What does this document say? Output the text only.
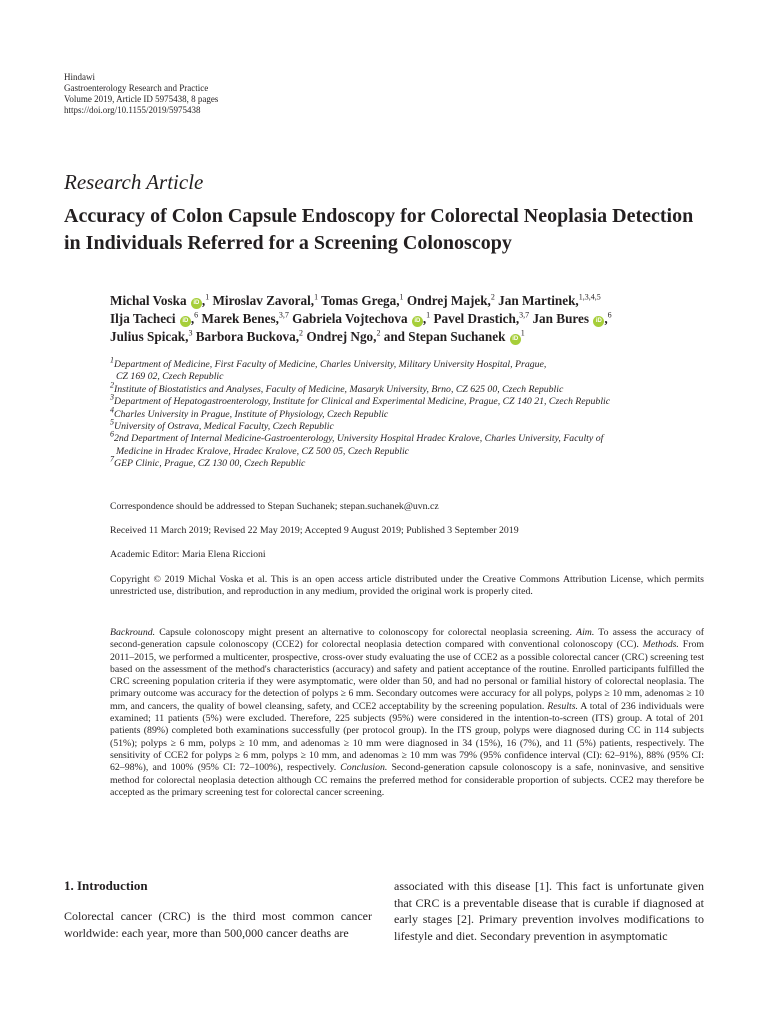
Hindawi
Gastroenterology Research and Practice
Volume 2019, Article ID 5975438, 8 pages
https://doi.org/10.1155/2019/5975438
Research Article
Accuracy of Colon Capsule Endoscopy for Colorectal Neoplasia Detection in Individuals Referred for a Screening Colonoscopy
Michal Voska iD ,$^1$ Miroslav Zavoral,$^1$ Tomas Grega,$^1$ Ondrej Majek,$^2$ Jan Martinek,$^{1,3,4,5}$
Ilja Tacheci iD ,$^6$ Marek Benes,$^{3,7}$ Gabriela Vojtechova iD ,$^1$ Pavel Drastich,$^{3,7}$ Jan Bures iD ,$^6$
Julius Spicak,$^3$ Barbora Buckova,$^2$ Ondrej Ngo,$^2$ and Stepan Suchanek $iD^1$
$^1$Department of Medicine, First Faculty of Medicine, Charles University, Military University Hospital, Prague,
CZ 169 02, Czech Republic
$^2$Institute of Biostatistics and Analyses, Faculty of Medicine, Masaryk University, Brno, CZ 625 00, Czech Republic
$^3$Department of Hepatogastroenterology, Institute for Clinical and Experimental Medicine, Prague, CZ 140 21, Czech Republic
$^4$Charles University in Prague, Institute of Physiology, Czech Republic
$^5$University of Ostrava, Medical Faculty, Czech Republic
$^6$2nd Department of Internal Medicine-Gastroenterology, University Hospital Hradec Kralove, Charles University, Faculty of
Medicine in Hradec Kralove, Hradec Kralove, CZ 500 05, Czech Republic
$^7$GEP Clinic, Prague, CZ 130 00, Czech Republic
Correspondence should be addressed to Stepan Suchanek; stepan.suchanek@uvn.cz
Received 11 March 2019; Revised 22 May 2019; Accepted 9 August 2019; Published 3 September 2019
Academic Editor: Maria Elena Riccioni
Copyright © 2019 Michal Voska et al. This is an open access article distributed under the Creative Commons Attribution License, which permits unrestricted use, distribution, and reproduction in any medium, provided the original work is properly cited.
Backround. Capsule colonoscopy might present an alternative to colonoscopy for colorectal neoplasia screening. Aim. To assess the accuracy of second-generation capsule colonoscopy (CCE2) for colorectal neoplasia detection compared with conventional colonoscopy (CC). Methods. From 2011–2015, we performed a multicenter, prospective, cross-over study evaluating the use of CCE2 as a possible colorectal cancer (CRC) screening test based on the assessment of the method's characteristics (accuracy) and safety and patient acceptance of the routine. Enrolled participants fulfilled the CRC screening population criteria if they were asymptomatic, were older than 50, and had no personal or familial history of colorectal neoplasia. The primary outcome was accuracy for the detection of polyps ≥ 6 mm. Secondary outcomes were accuracy for all polyps, polyps ≥ 10 mm, adenomas ≥ 10 mm, and cancers, the quality of bowel cleansing, safety, and CCE2 acceptability by the screening population. Results. A total of 236 individuals were examined; 11 patients (5%) were excluded. Therefore, 225 subjects (95%) were considered in the intention-to-screen (ITS) group. A total of 201 patients (89%) completed both examinations successfully (per protocol group). In the ITS group, polyps were diagnosed during CC in 114 subjects (51%); polyps ≥ 6 mm, polyps ≥ 10 mm, and adenomas ≥ 10 mm were diagnosed in 34 (15%), 16 (7%), and 11 (5%) patients, respectively. The sensitivity of CCE2 for polyps ≥ 6 mm, polyps ≥ 10 mm, and adenomas ≥ 10 mm was 79% (95% confidence interval (CI): 62–91%), 88% (95% CI: 62–98%), and 100% (95% CI: 72–100%), respectively. Conclusion. Second-generation capsule colonoscopy is a safe, noninvasive, and sensitive method for colorectal neoplasia detection although CC remains the preferred method for considerable proportion of subjects. CCE2 may therefore be accepted as the primary screening test for colorectal cancer screening.
1. Introduction
Colorectal cancer (CRC) is the third most common cancer worldwide: each year, more than 500,000 cancer deaths are
associated with this disease [1]. This fact is unfortunate given that CRC is a preventable disease that is curable if diagnosed at early stages [2]. Primary prevention involves modifications to lifestyle and diet. Secondary prevention in asymptomatic
